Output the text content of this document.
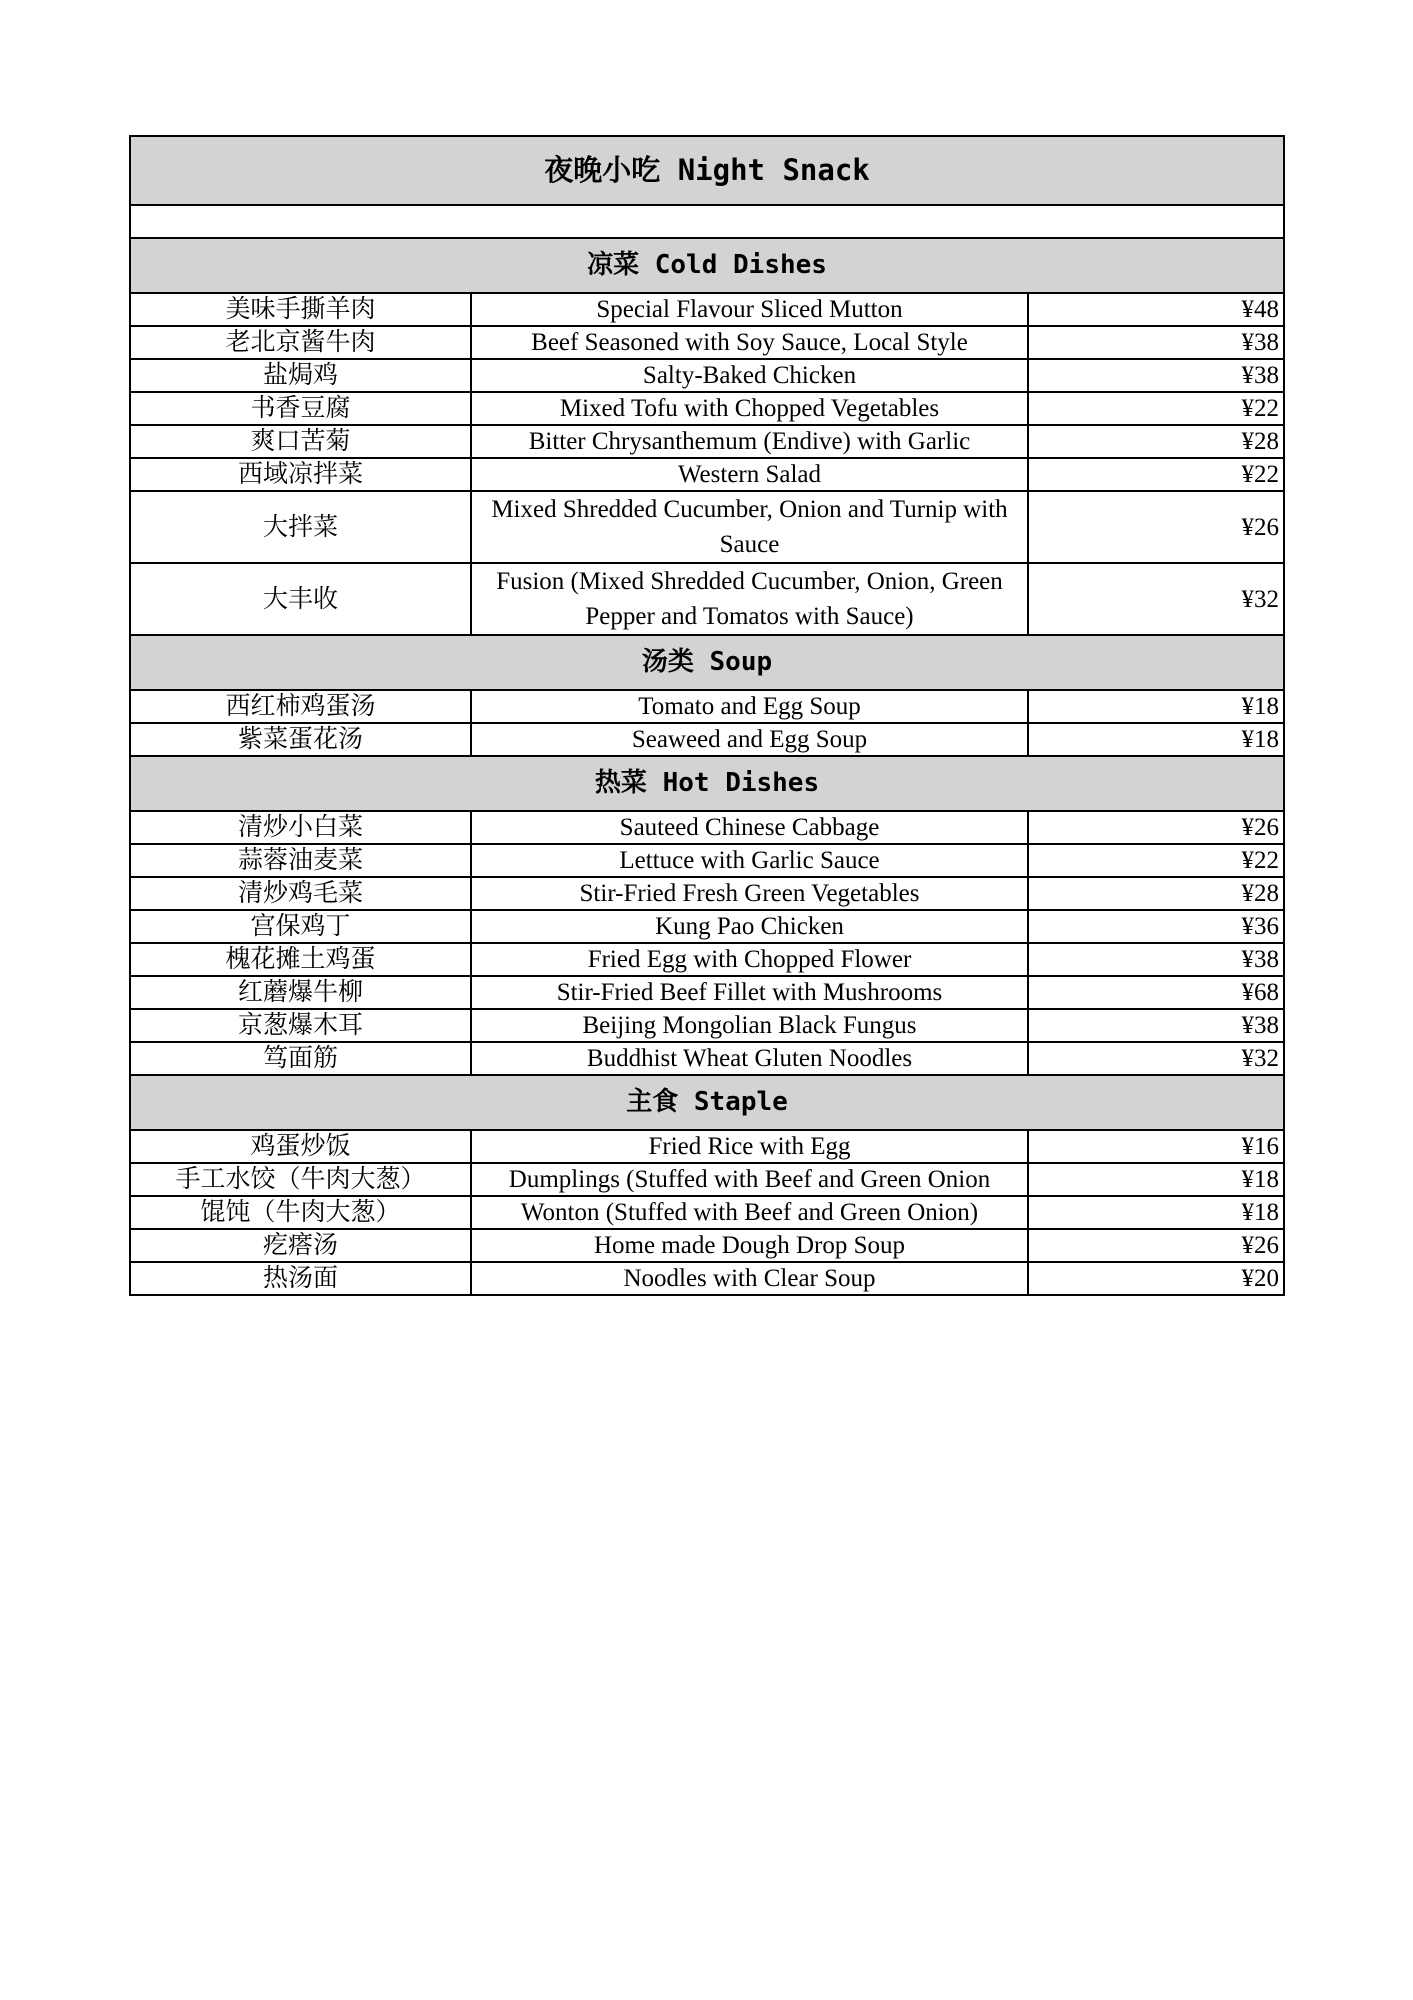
夜晚小吃 Night Snack		

凉菜 Cold Dishes		
美味手撕羊肉	Special Flavour Sliced Mutton	¥48
老北京酱牛肉	Beef Seasoned with Soy Sauce, Local Style	¥38
盐焗鸡	Salty-Baked Chicken	¥38
书香豆腐	Mixed Tofu with Chopped Vegetables	¥22
爽口苦菊	Bitter Chrysanthemum (Endive) with Garlic	¥28
西域凉拌菜	Western Salad	¥22
大拌菜	Mixed Shredded Cucumber, Onion and Turnip with Sauce	¥26
大丰收	Fusion (Mixed Shredded Cucumber, Onion, Green Pepper and Tomatos with Sauce)	¥32
汤类 Soup		
西红柿鸡蛋汤	Tomato and Egg Soup	¥18
紫菜蛋花汤	Seaweed and Egg Soup	¥18
热菜 Hot Dishes		
清炒小白菜	Sauteed Chinese Cabbage	¥26
蒜蓉油麦菜	Lettuce with Garlic Sauce	¥22
清炒鸡毛菜	Stir-Fried Fresh Green Vegetables	¥28
宫保鸡丁	Kung Pao Chicken	¥36
槐花摊土鸡蛋	Fried Egg with Chopped Flower	¥38
红蘑爆牛柳	Stir-Fried Beef Fillet with Mushrooms	¥68
京葱爆木耳	Beijing Mongolian Black Fungus	¥38
笃面筋	Buddhist Wheat Gluten Noodles	¥32
主食 Staple		
鸡蛋炒饭	Fried Rice with Egg	¥16
手工水饺（牛肉大葱）	Dumplings (Stuffed with Beef and Green Onion	¥18
馄饨（牛肉大葱）	Wonton (Stuffed with Beef and Green Onion)	¥18
疙瘩汤	Home made Dough Drop Soup	¥26
热汤面	Noodles with Clear Soup	¥20
